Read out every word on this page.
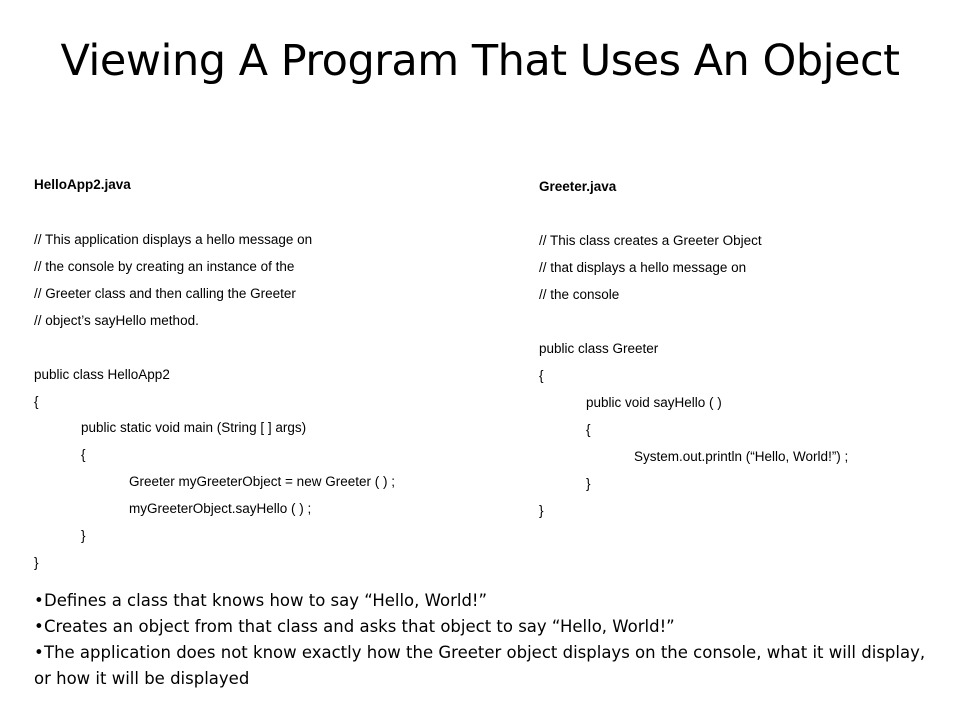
Viewing A Program That Uses An Object
HelloApp2.java
// This application displays a hello message on
// the console by creating an instance of the
// Greeter class and then calling the Greeter
// object’s sayHello method.
public class HelloApp2
{
public static void main (String [ ] args)
{
Greeter myGreeterObject = new Greeter ( ) ;
myGreeterObject.sayHello ( ) ;
}
}
Greeter.java
// This class creates a Greeter Object
// that displays a hello message on
// the console
public class Greeter
{
public void sayHello ( )
{
System.out.println (“Hello, World!”) ;
}
}
•Defines a class that knows how to say “Hello, World!”
•Creates an object from that class and asks that object to say “Hello, World!”
•The application does not know exactly how the Greeter object displays on the console, what it will display, or how it will be displayed
